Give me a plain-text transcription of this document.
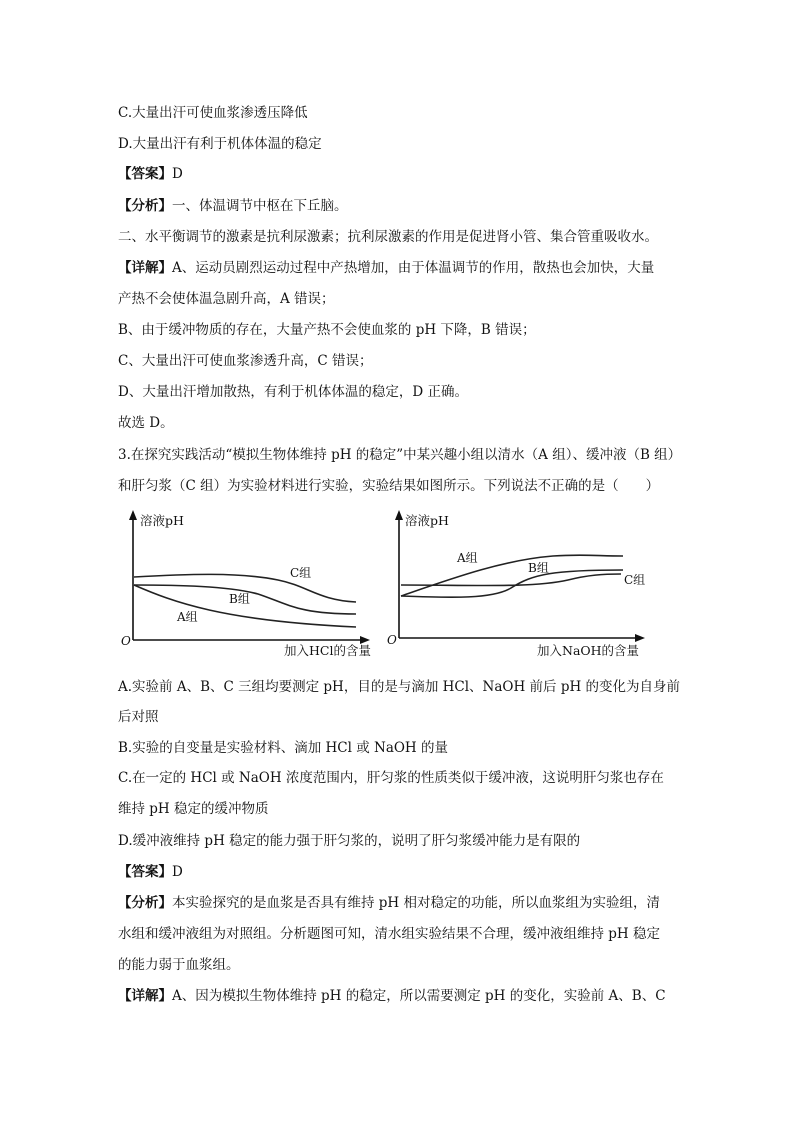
C.大量出汗可使血浆渗透压降低
D.大量出汗有利于机体体温的稳定
【答案】D
【分析】一、体温调节中枢在下丘脑。
二、水平衡调节的激素是抗利尿激素；抗利尿激素的作用是促进肾小管、集合管重吸收水。
【详解】A、运动员剧烈运动过程中产热增加，由于体温调节的作用，散热也会加快，大量
产热不会使体温急剧升高，A 错误；
B、由于缓冲物质的存在，大量产热不会使血浆的 pH 下降，B 错误；
C、大量出汗可使血浆渗透升高，C 错误；
D、大量出汗增加散热，有利于机体体温的稳定，D 正确。
故选 D。
3.在探究实践活动“模拟生物体维持 pH 的稳定”中某兴趣小组以清水（A 组）、缓冲液（B 组）
和肝匀浆（C 组）为实验材料进行实验，实验结果如图所示。下列说法不正确的是（　　）
溶液pH
O
加入HCl的含量
C组
B组
A组
溶液pH
O
加入NaOH的含量
A组
B组
C组
A.实验前 A、B、C 三组均要测定 pH，目的是与滴加 HCl、NaOH 前后 pH 的变化为自身前
后对照
B.实验的自变量是实验材料、滴加 HCl 或 NaOH 的量
C.在一定的 HCl 或 NaOH 浓度范围内，肝匀浆的性质类似于缓冲液，这说明肝匀浆也存在
维持 pH 稳定的缓冲物质
D.缓冲液维持 pH 稳定的能力强于肝匀浆的，说明了肝匀浆缓冲能力是有限的
【答案】D
【分析】本实验探究的是血浆是否具有维持 pH 相对稳定的功能，所以血浆组为实验组，清
水组和缓冲液组为对照组。分析题图可知，清水组实验结果不合理，缓冲液组维持 pH 稳定
的能力弱于血浆组。
【详解】A、因为模拟生物体维持 pH 的稳定，所以需要测定 pH 的变化，实验前 A、B、C
